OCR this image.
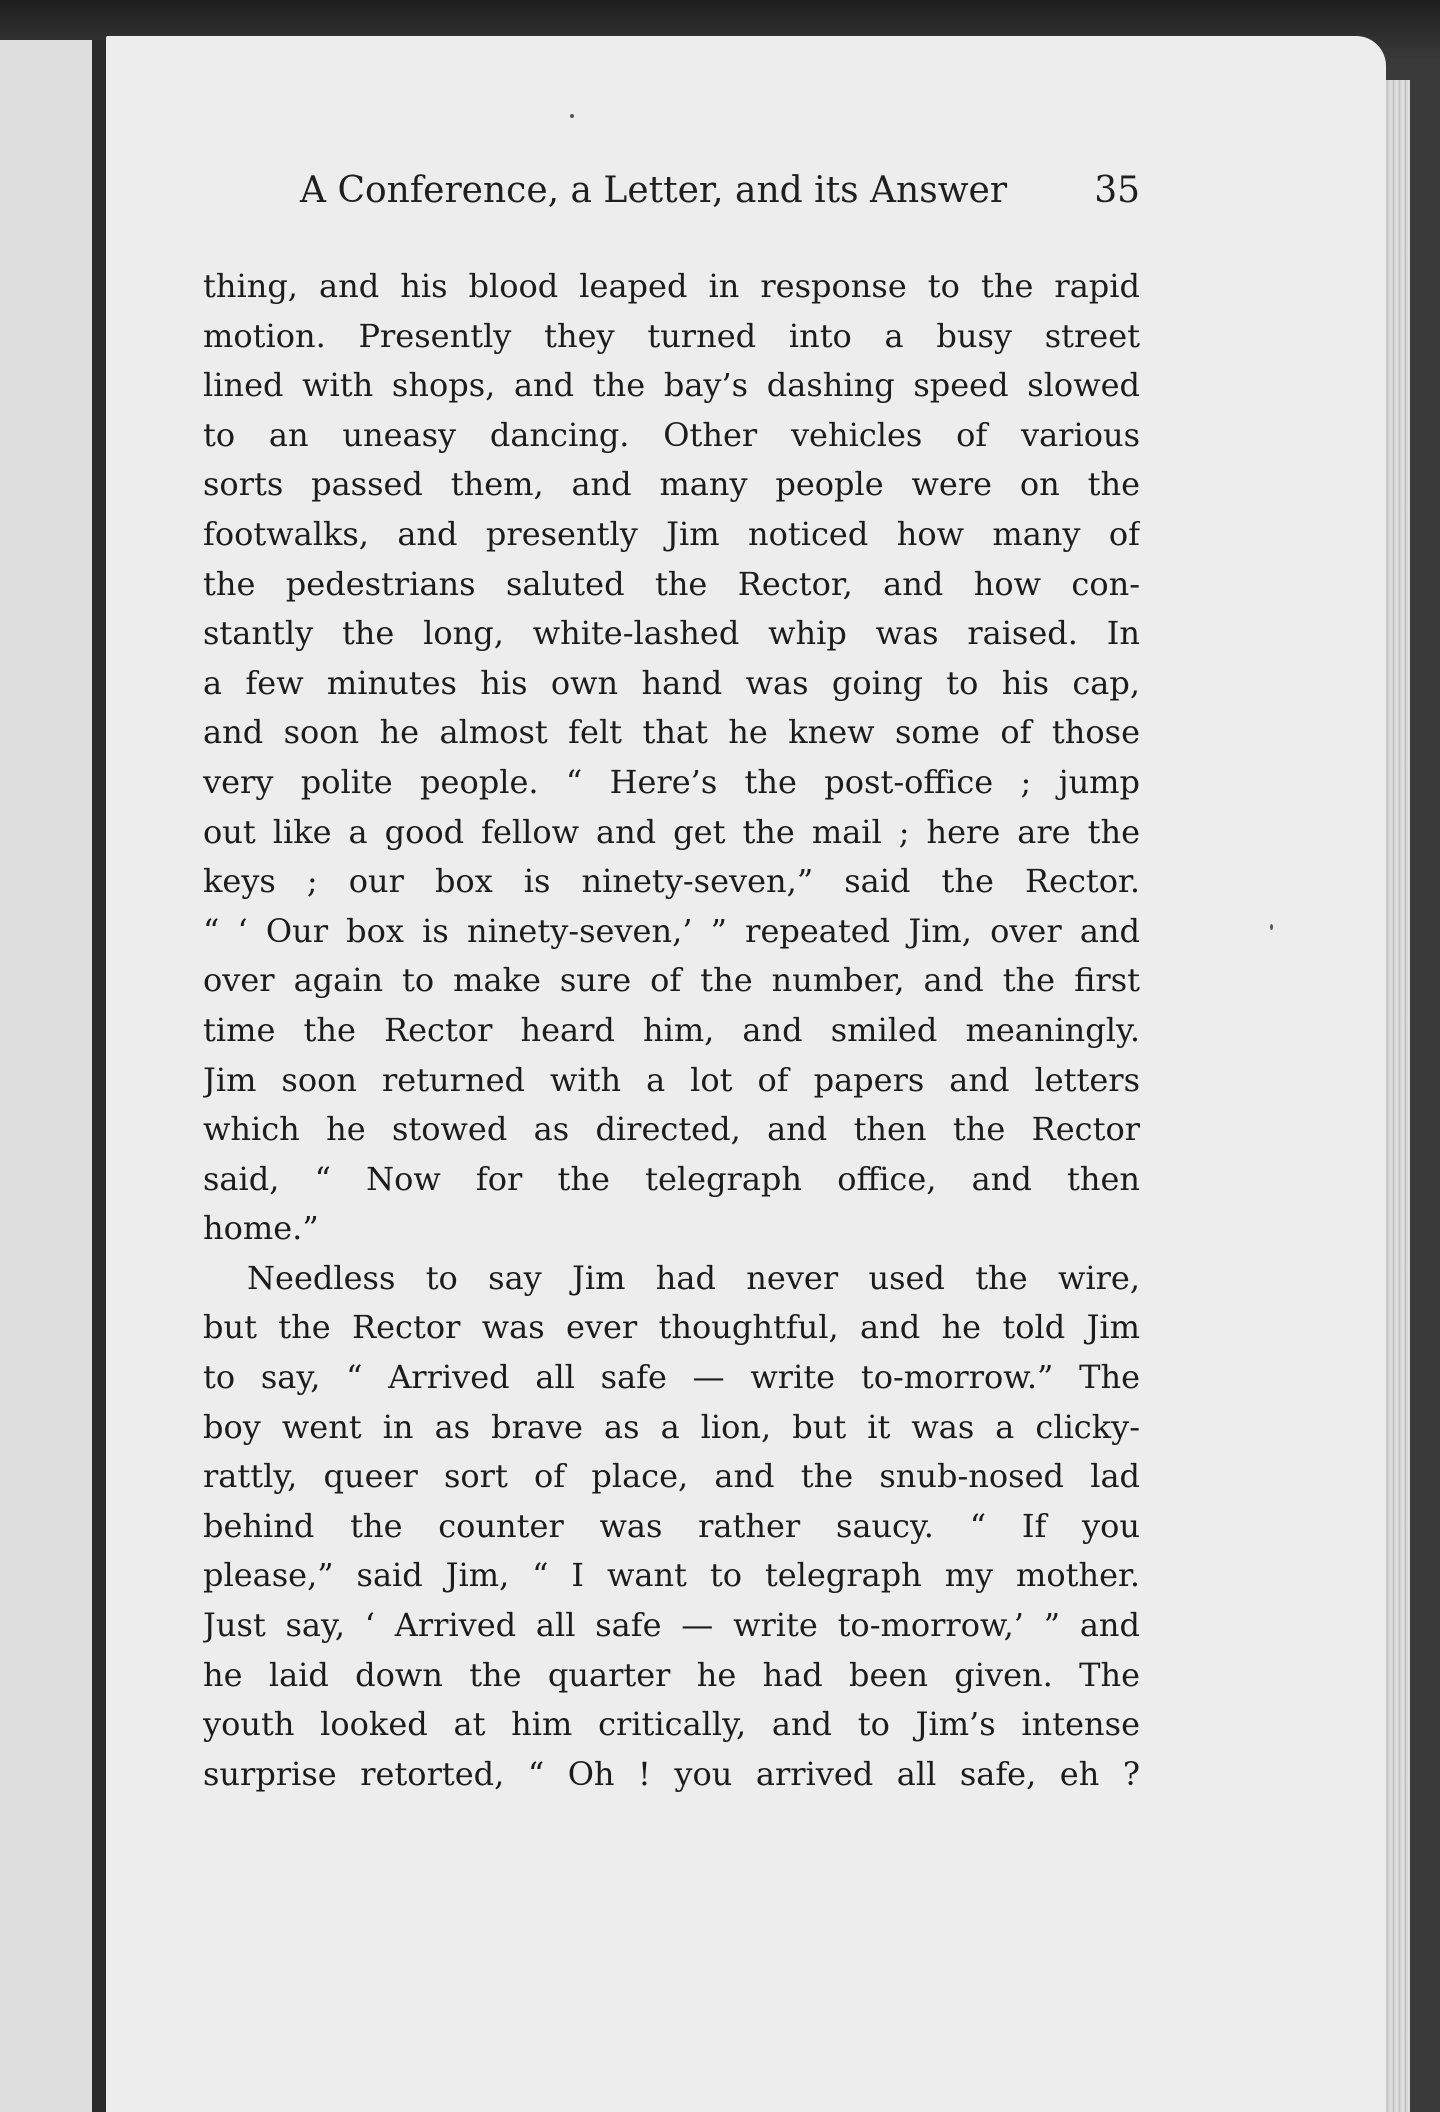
A Conference, a Letter, and its Answer 35
thing, and his blood leaped in response to the rapid
motion. Presently they turned into a busy street
lined with shops, and the bay’s dashing speed slowed
to an uneasy dancing. Other vehicles of various
sorts passed them, and many people were on the
footwalks, and presently Jim noticed how many of
the pedestrians saluted the Rector, and how con-
stantly the long, white-lashed whip was raised. In
a few minutes his own hand was going to his cap,
and soon he almost felt that he knew some of those
very polite people. “ Here’s the post-office ; jump
out like a good fellow and get the mail ; here are the
keys ; our box is ninety-seven,” said the Rector.
“ ‘ Our box is ninety-seven,’ ” repeated Jim, over and
over again to make sure of the number, and the first
time the Rector heard him, and smiled meaningly.
Jim soon returned with a lot of papers and letters
which he stowed as directed, and then the Rector
said, “ Now for the telegraph office, and then
home.”
Needless to say Jim had never used the wire,
but the Rector was ever thoughtful, and he told Jim
to say, “ Arrived all safe — write to-morrow.” The
boy went in as brave as a lion, but it was a clicky-
rattly, queer sort of place, and the snub-nosed lad
behind the counter was rather saucy. “ If you
please,” said Jim, “ I want to telegraph my mother.
Just say, ‘ Arrived all safe — write to-morrow,’ ” and
he laid down the quarter he had been given. The
youth looked at him critically, and to Jim’s intense
surprise retorted, “ Oh ! you arrived all safe, eh ?
